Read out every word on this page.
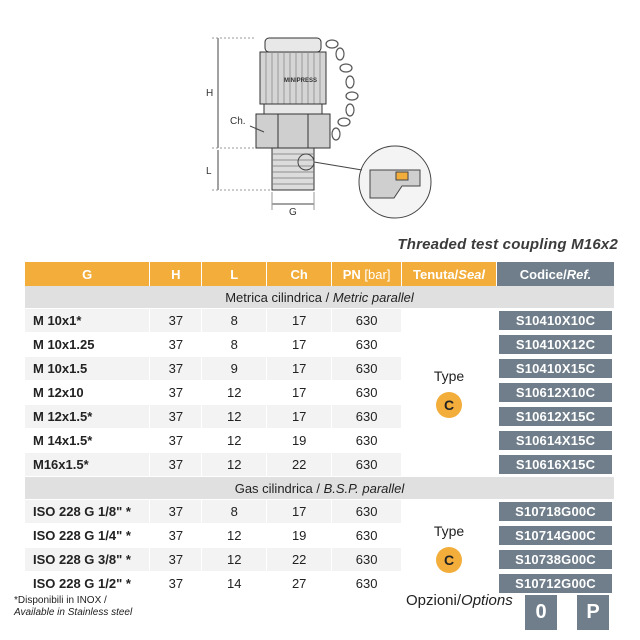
MINIPRESS
H
L
G
Ch.
Threaded test coupling M16x2
G	H	L	Ch	PN [bar]	Tenuta/Seal	Codice/Ref.
Metrica cilindrica / Metric parallel						
M 10x1*	37	8	17	630	Type
C	S10410X10C

M 10x1.25	37	8	17	630		S10410X12C

M 10x1.5	37	9	17	630		S10410X15C

M 12x10	37	12	17	630		S10612X10C

M 12x1.5*	37	12	17	630		S10612X15C

M 14x1.5*	37	12	19	630		S10614X15C

M16x1.5*	37	12	22	630		S10616X15C

Gas cilindrica / B.S.P. parallel						
ISO 228 G 1/8" *	37	8	17	630	Type
C	S10718G00C

ISO 228 G 1/4" *	37	12	19	630		S10714G00C

ISO 228 G 3/8" *	37	12	22	630		S10738G00C

ISO 228 G 1/2" *	37	14	27	630		S10712G00C
*Disponibili in INOX /
Available in Stainless steel
Opzioni/Options
0	P
